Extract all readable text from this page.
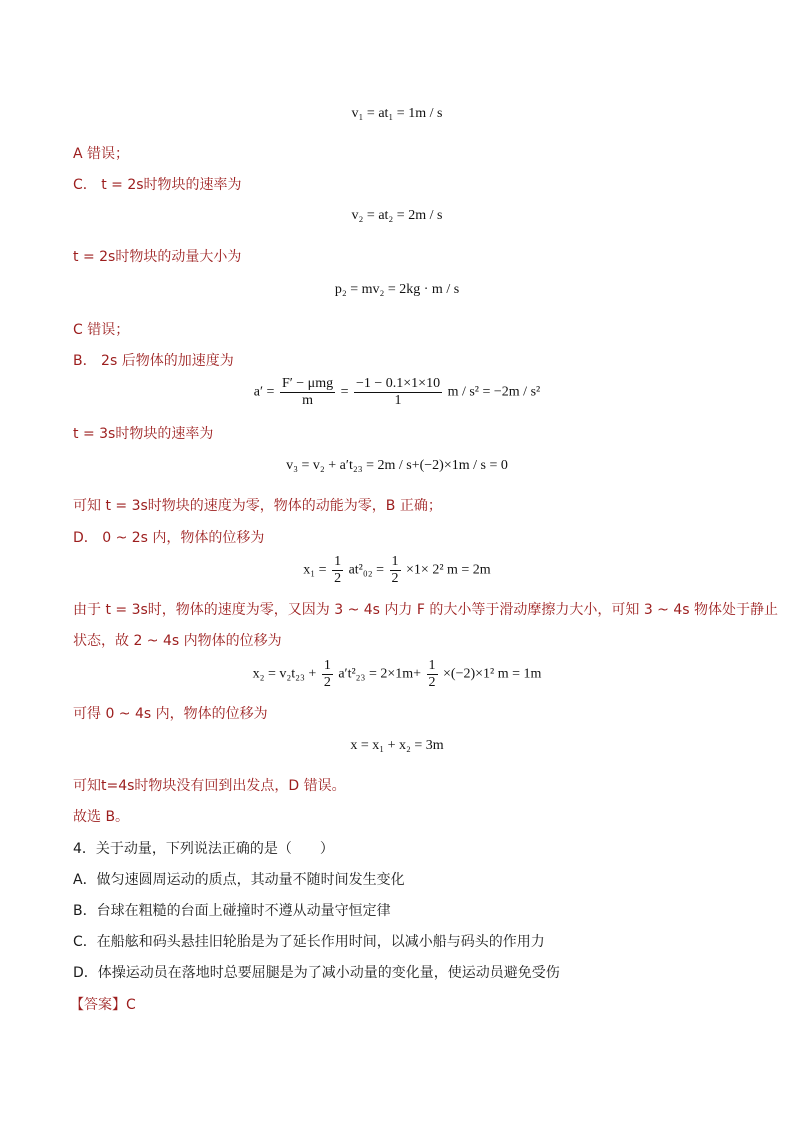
v₁ = at₁ = 1m / s
A 错误；
C． t = 2s时物块的速率为
v₂ = at₂ = 2m / s
t = 2s时物块的动量大小为
p₂ = mv₂ = 2kg · m / s
C 错误；
B． 2s 后物体的加速度为
$a' = \frac{\text{F′ − μmg}}{m} = \frac{-1 - 0.1\times 1\times 10}{1}$ m / s² = −2m / s²
t = 3s时物块的速率为
v₃ = v₂ + a′t₂₃ = 2m / s+(−2)×1m / s = 0
可知 t = 3s时物块的速度为零，物体的动能为零，B 正确；
D． 0 ~ 2s 内，物体的位移为
$x_1 = \frac{1}{2} at^2_{02} = \frac{1}{2} \times 1\times 2^2$ m = 2m
由于 t = 3s时，物体的速度为零，又因为 3 ~ 4s 内力 F 的大小等于滑动摩擦力大小，可知 3 ~ 4s 物体处于静止
状态，故 2 ~ 4s 内物体的位移为
$x_2 = v_2t_{23} + \frac{1}{2} a't^2_{23} = 2\times 1m+ \frac{1}{2} \times(-2)\times 1^2$ m = 1m
可得 0 ~ 4s 内，物体的位移为
x = x₁ + x₂ = 3m
可知t=4s时物块没有回到出发点，D 错误。
故选 B。
4．关于动量，下列说法正确的是（　　）
A．做匀速圆周运动的质点，其动量不随时间发生变化
B．台球在粗糙的台面上碰撞时不遵从动量守恒定律
C．在船舷和码头悬挂旧轮胎是为了延长作用时间，以减小船与码头的作用力
D．体操运动员在落地时总要屈腿是为了减小动量的变化量，使运动员避免受伤
【答案】C
